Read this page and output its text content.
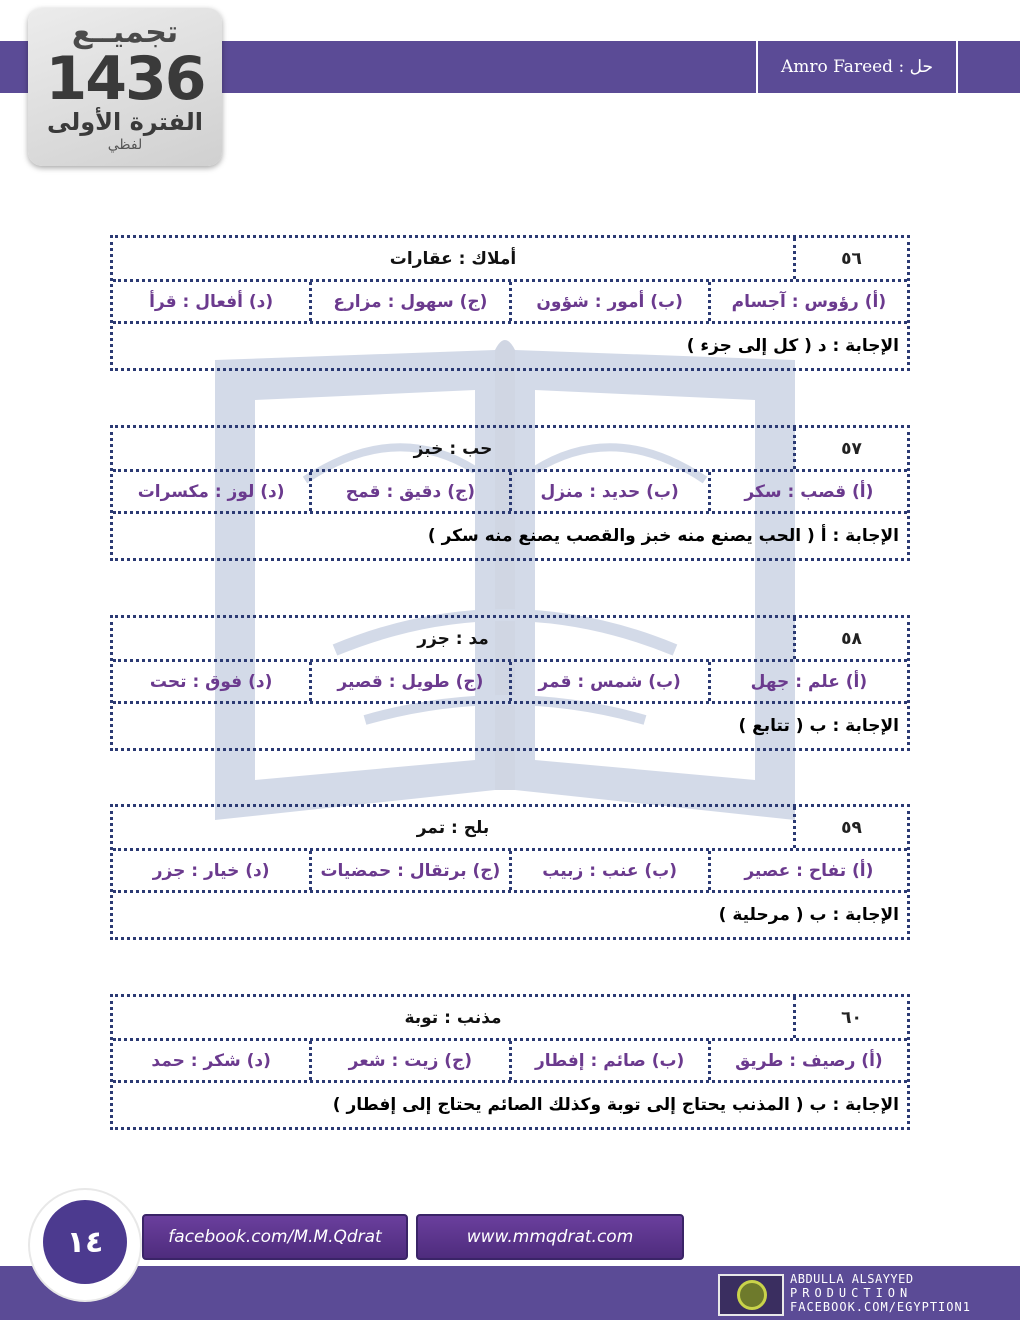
حل : Amro Fareed
تجميــع
1436
الفترة الأولى
لفظي
٥٦
أملاك : عقارات
(أ) رؤوس : آجسام
(ب) أمور : شؤون
(ج) سهول : مزارع
(د) أفعال : قرأ
الإجابة : د ( كل إلى جزء )
٥٧
حب : خبز
(أ) قصب : سكر
(ب) حديد : منزل
(ج) دقيق : قمح
(د) لوز : مكسرات
الإجابة : أ ( الحب يصنع منه خبز والقصب يصنع منه سكر )
٥٨
مد : جزر
(أ) علم : جهل
(ب) شمس : قمر
(ج) طويل : قصير
(د) فوق : تحت
الإجابة : ب ( تتابع )
٥٩
بلح : تمر
(أ) تفاح : عصير
(ب) عنب : زبيب
(ج) برتقال : حمضيات
(د) خيار : جزر
الإجابة : ب ( مرحلية )
٦٠
مذنب : توبة
(أ) رصيف : طريق
(ب) صائم : إفطار
(ج) زيت : شعر
(د) شكر : حمد
الإجابة : ب ( المذنب يحتاج إلى توبة وكذلك الصائم يحتاج إلى إفطار )
١٤	facebook.com/M.M.Qdrat	www.mmqdrat.com
ABDULLA ALSAYYED
PRODUCTION
FACEBOOK.COM/EGYPTION1
